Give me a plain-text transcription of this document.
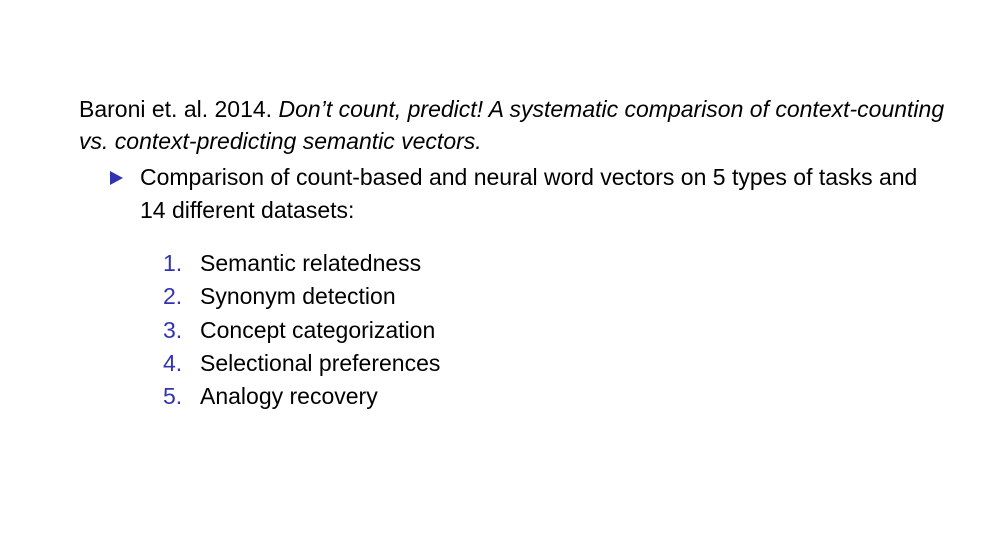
Baroni et. al. 2014. Don’t count, predict! A systematic comparison of context-counting vs. context-predicting semantic vectors.

Comparison of count-based and neural word vectors on 5 types of tasks and 14 different datasets:
1. Semantic relatedness
2. Synonym detection
3. Concept categorization
4. Selectional preferences
5. Analogy recovery
